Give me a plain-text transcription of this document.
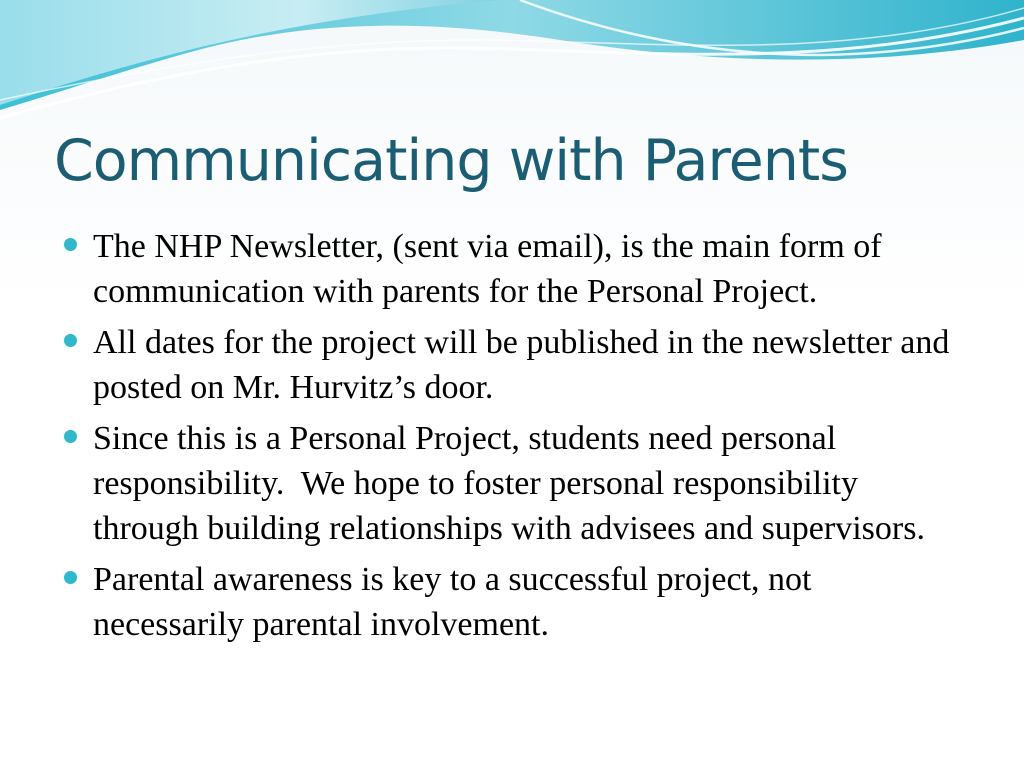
Communicating with Parents
The NHP Newsletter, (sent via email), is the main form of communication with parents for the Personal Project.
All dates for the project will be published in the newsletter and posted on Mr. Hurvitz’s door.
Since this is a Personal Project, students need personal responsibility.  We hope to foster personal responsibility through building relationships with advisees and supervisors.
Parental awareness is key to a successful project, not necessarily parental involvement.
